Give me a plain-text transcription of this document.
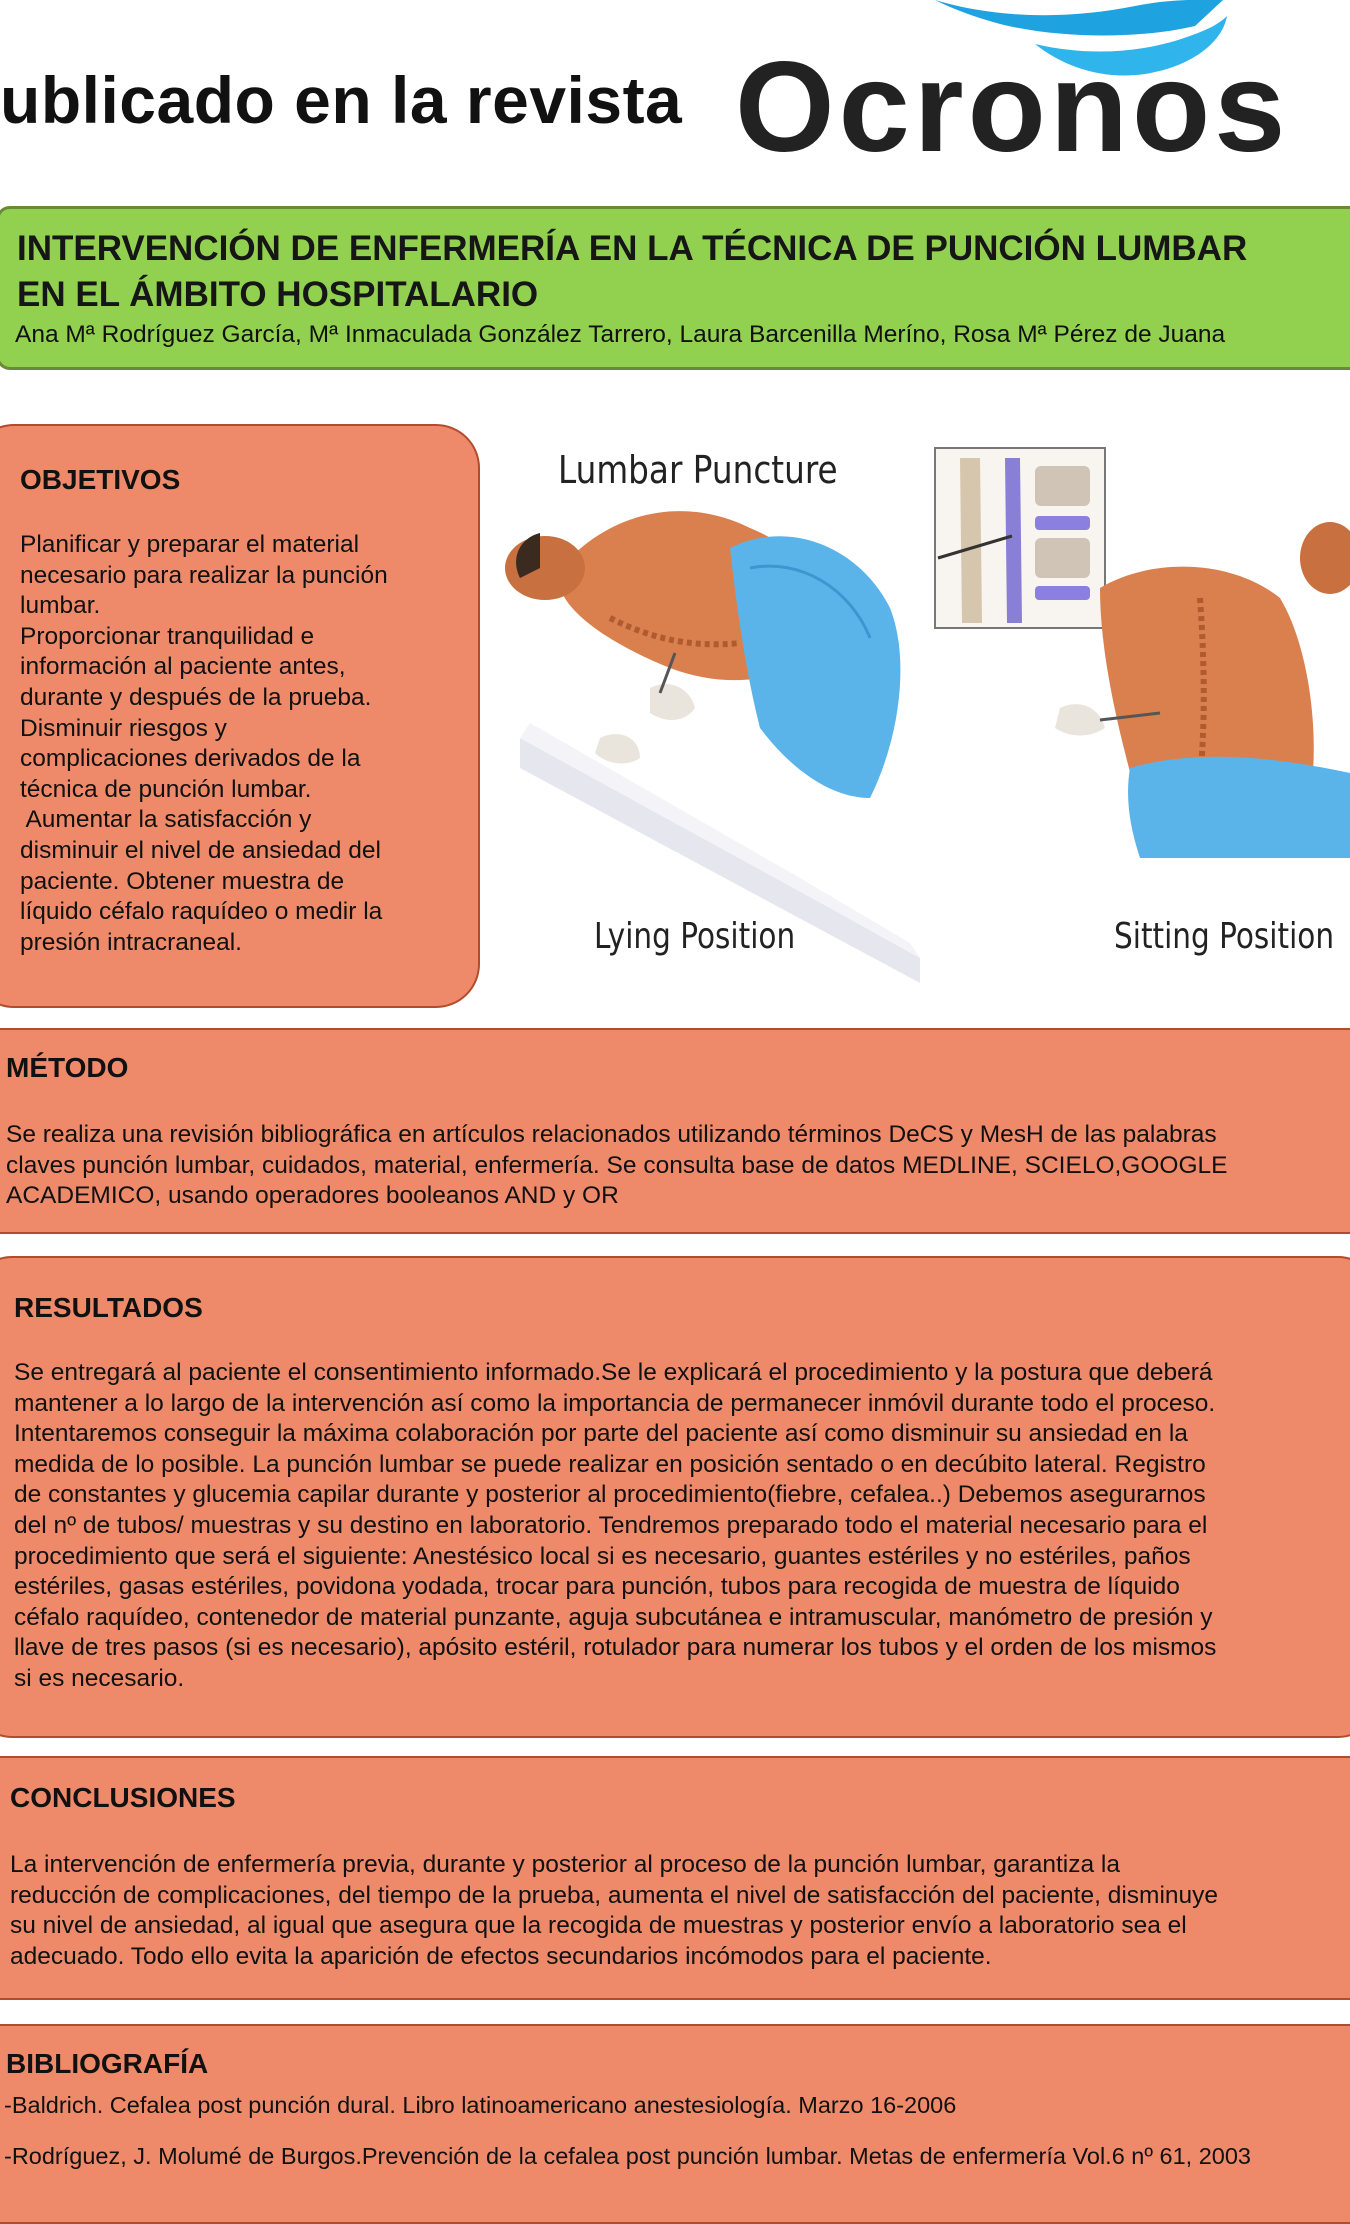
ublicado en la revista Ocronos
INTERVENCIÓN DE ENFERMERÍA EN LA TÉCNICA DE PUNCIÓN LUMBAR
EN EL ÁMBITO HOSPITALARIO
Ana Mª Rodríguez García, Mª Inmaculada González Tarrero, Laura Barcenilla Meríno, Rosa Mª Pérez de Juana
OBJETIVOS
Planificar y preparar el material
necesario para realizar la punción
lumbar.
Proporcionar tranquilidad e
información al paciente antes,
durante y después de la prueba.
Disminuir riesgos y
complicaciones derivados de la
técnica de punción lumbar.
Aumentar la satisfacción y
disminuir el nivel de ansiedad del
paciente. Obtener muestra de
líquido céfalo raquídeo o medir la
presión intracraneal.
Lumbar Puncture
Lying Position	Sitting Position
MÉTODO
Se realiza una revisión bibliográfica en artículos relacionados utilizando términos DeCS y MesH de las palabras
claves punción lumbar, cuidados, material, enfermería. Se consulta base de datos MEDLINE, SCIELO,GOOGLE
ACADEMICO, usando operadores booleanos AND y OR
RESULTADOS
Se entregará al paciente el consentimiento informado.Se le explicará el procedimiento y la postura que deberá
mantener a lo largo de la intervención así como la importancia de permanecer inmóvil durante todo el proceso.
Intentaremos conseguir la máxima colaboración por parte del paciente así como disminuir su ansiedad en la
medida de lo posible. La punción lumbar se puede realizar en posición sentado o en decúbito lateral. Registro
de constantes y glucemia capilar durante y posterior al procedimiento(fiebre, cefalea..) Debemos asegurarnos
del nº de tubos/ muestras y su destino en laboratorio. Tendremos preparado todo el material necesario para el
procedimiento que será el siguiente: Anestésico local si es necesario, guantes estériles y no estériles, paños
estériles, gasas estériles, povidona yodada, trocar para punción, tubos para recogida de muestra de líquido
céfalo raquídeo, contenedor de material punzante, aguja subcutánea e intramuscular, manómetro de presión y
llave de tres pasos (si es necesario), apósito estéril, rotulador para numerar los tubos y el orden de los mismos
si es necesario.
CONCLUSIONES
La intervención de enfermería previa, durante y posterior al proceso de la punción lumbar, garantiza la
reducción de complicaciones, del tiempo de la prueba, aumenta el nivel de satisfacción del paciente, disminuye
su nivel de ansiedad, al igual que asegura que la recogida de muestras y posterior envío a laboratorio sea el
adecuado. Todo ello evita la aparición de efectos secundarios incómodos para el paciente.
BIBLIOGRAFÍA
-Baldrich. Cefalea post punción dural. Libro latinoamericano anestesiología. Marzo 16-2006
-Rodríguez, J. Molumé de Burgos.Prevención de la cefalea post punción lumbar. Metas de enfermería Vol.6 nº 61, 2003
